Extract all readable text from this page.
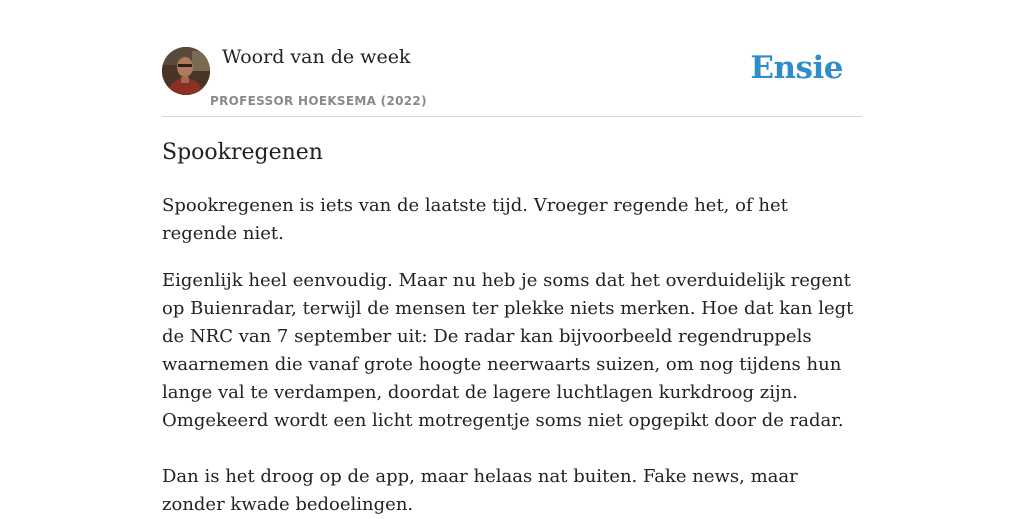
Woord van de week
PROFESSOR HOEKSEMA (2022)
Ensie
Spookregenen

Spookregenen is iets van de laatste tijd. Vroeger regende het, of het regende niet.

Eigenlijk heel eenvoudig. Maar nu heb je soms dat het overduidelijk regent op Buienradar, terwijl de mensen ter plekke niets merken. Hoe dat kan legt de NRC van 7 september uit: De radar kan bijvoorbeeld regendruppels waarnemen die vanaf grote hoogte neerwaarts suizen, om nog tijdens hun lange val te verdampen, doordat de lagere luchtlagen kurkdroog zijn. Omgekeerd wordt een licht motregentje soms niet opgepikt door de radar.

Dan is het droog op de app, maar helaas nat buiten. Fake news, maar zonder kwade bedoelingen.
